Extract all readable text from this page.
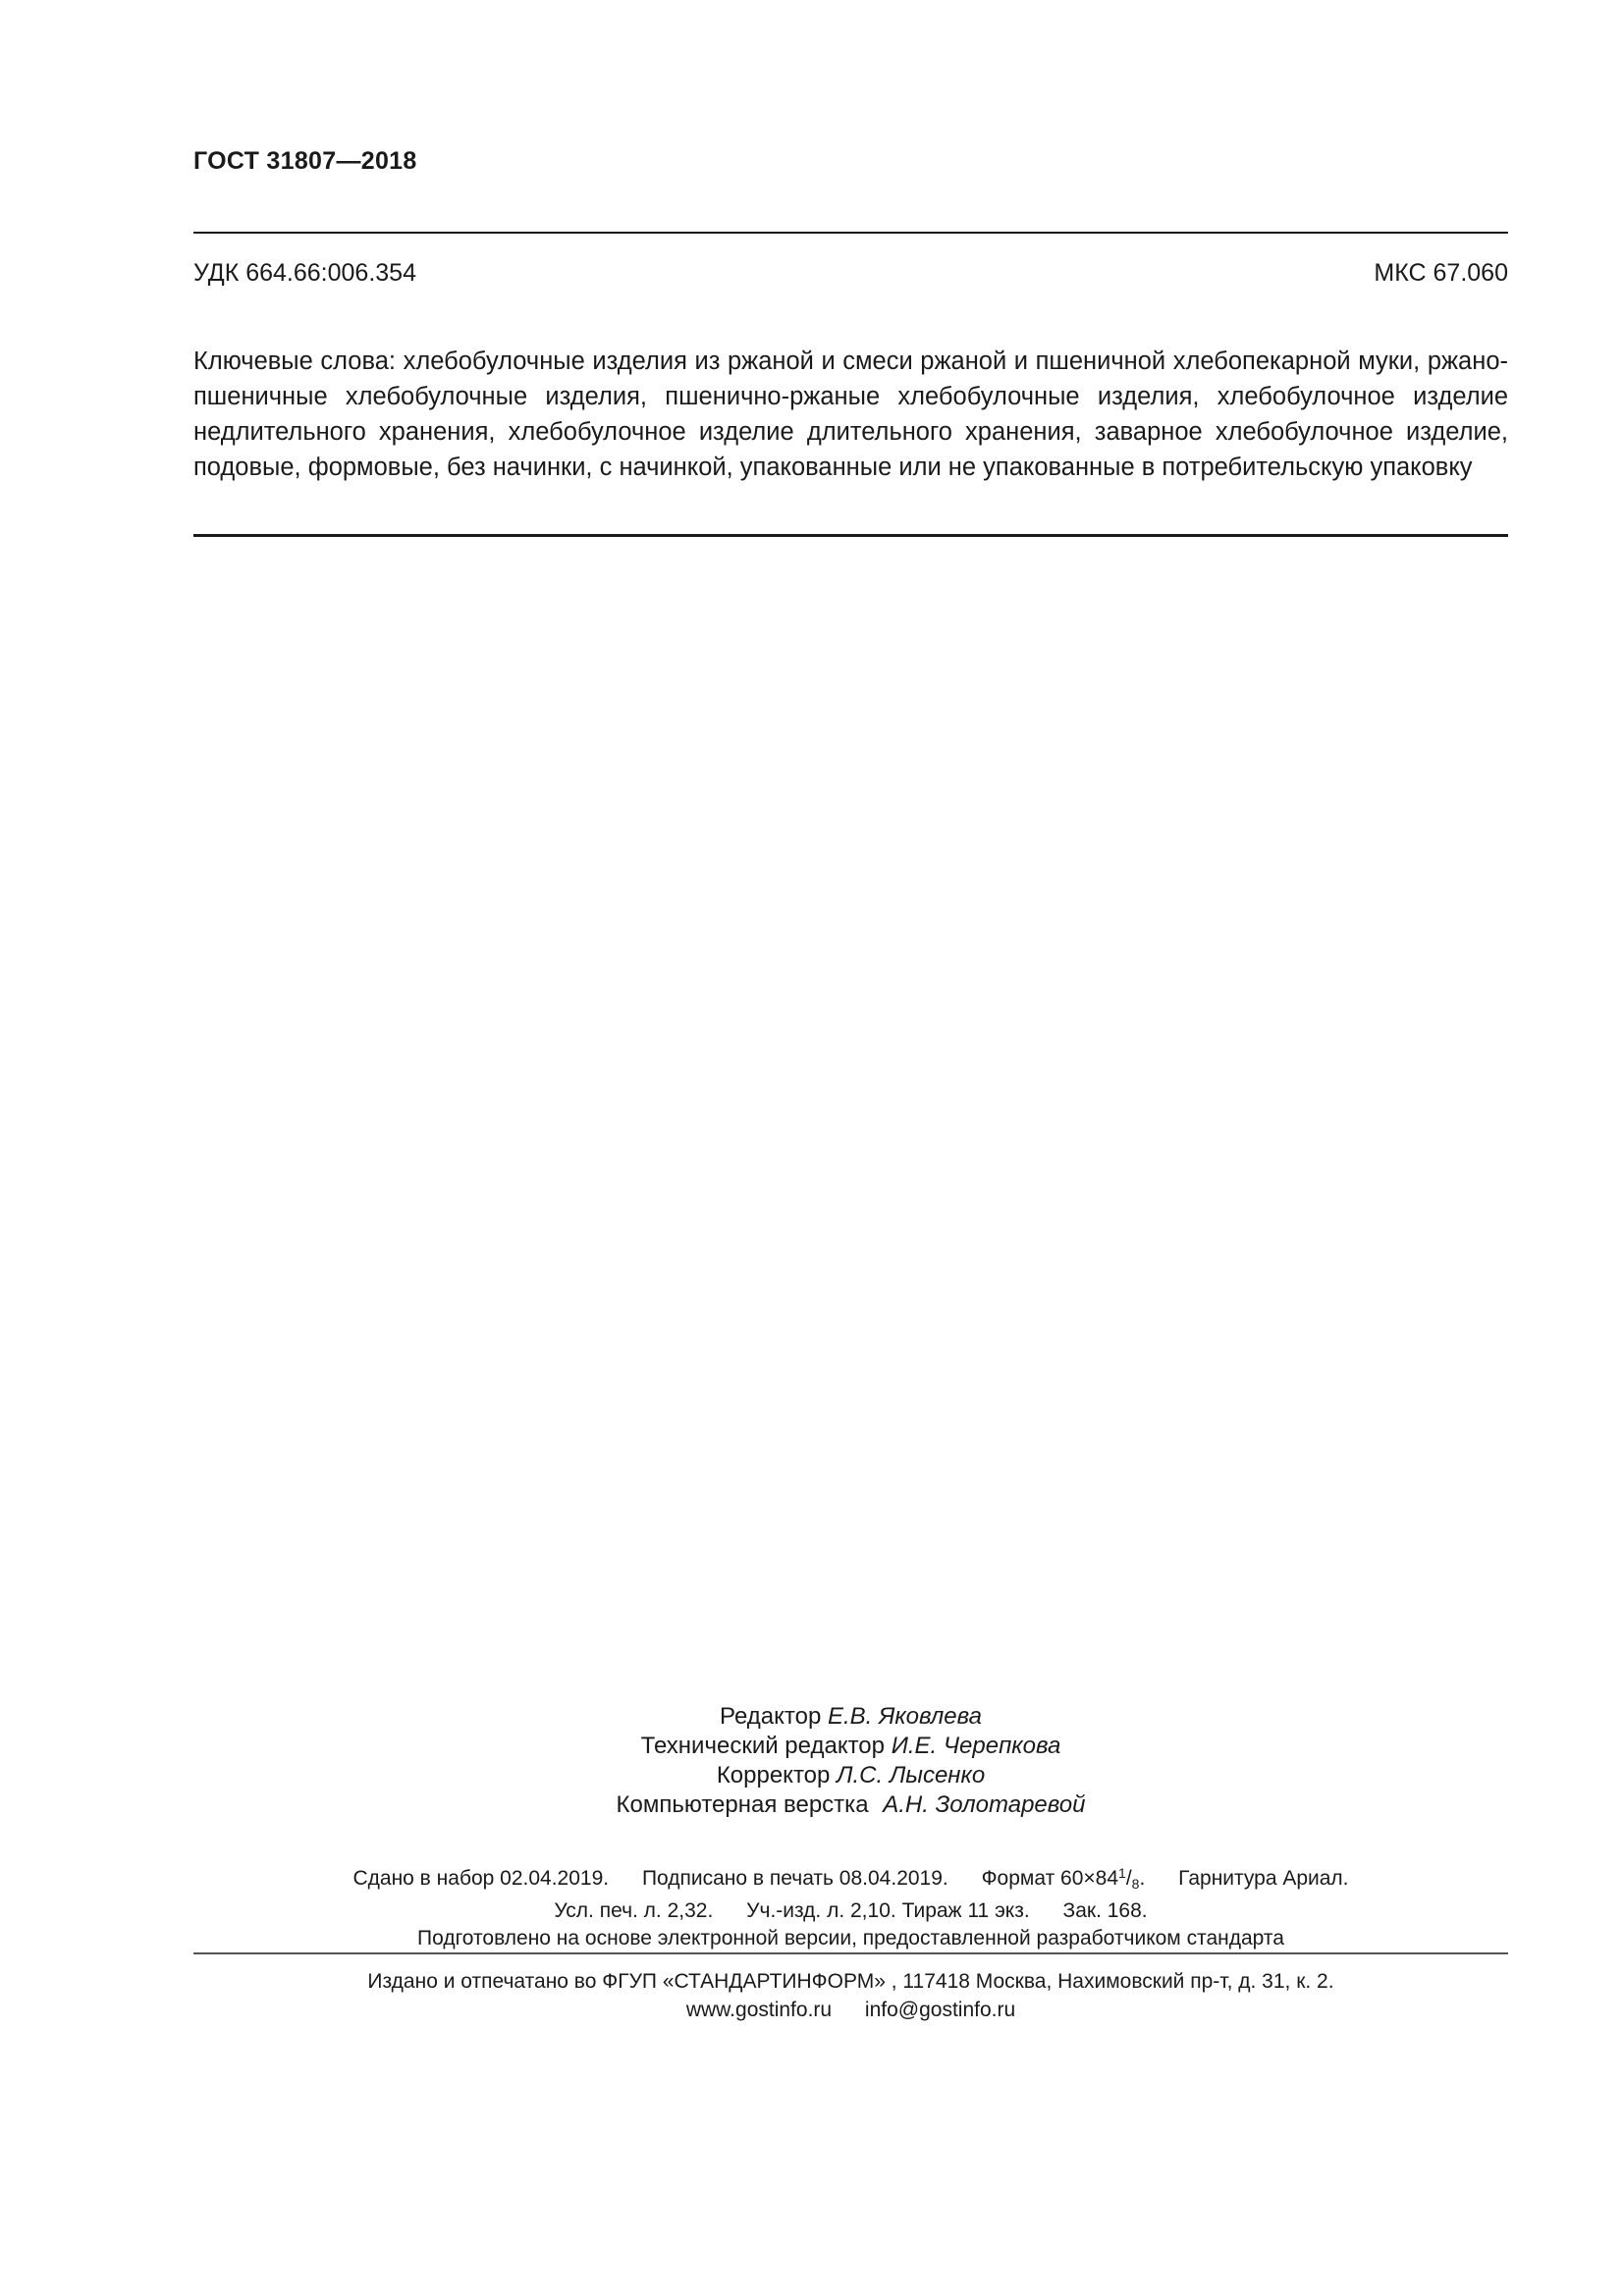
ГОСТ 31807—2018
УДК 664.66:006.354	МКС 67.060
Ключевые слова: хлебобулочные изделия из ржаной и смеси ржаной и пшеничной хлебопекарной муки, ржано-пшеничные хлебобулочные изделия, пшенично-ржаные хлебобулочные изделия, хлебобулочное изделие недлительного хранения, хлебобулочное изделие длительного хранения, заварное хлебобулочное изделие, подовые, формовые, без начинки, с начинкой, упакованные или не упакованные в потребительскую упаковку
Редактор Е.В. Яковлева
Технический редактор И.Е. Черепкова
Корректор Л.С. Лысенко
Компьютерная верстка А.Н. Золотаревой
Сдано в набор 02.04.2019. Подписано в печать 08.04.2019. Формат $60\times 84^1/_8$. Гарнитура Ариал.
Усл. печ. л. 2,32. Уч.-изд. л. 2,10. Тираж 11 экз. Зак. 168.
Подготовлено на основе электронной версии, предоставленной разработчиком стандарта
Издано и отпечатано во ФГУП «СТАНДАРТИНФОРМ» , 117418 Москва, Нахимовский пр-т, д. 31, к. 2.
www.gostinfo.ru info@gostinfo.ru
